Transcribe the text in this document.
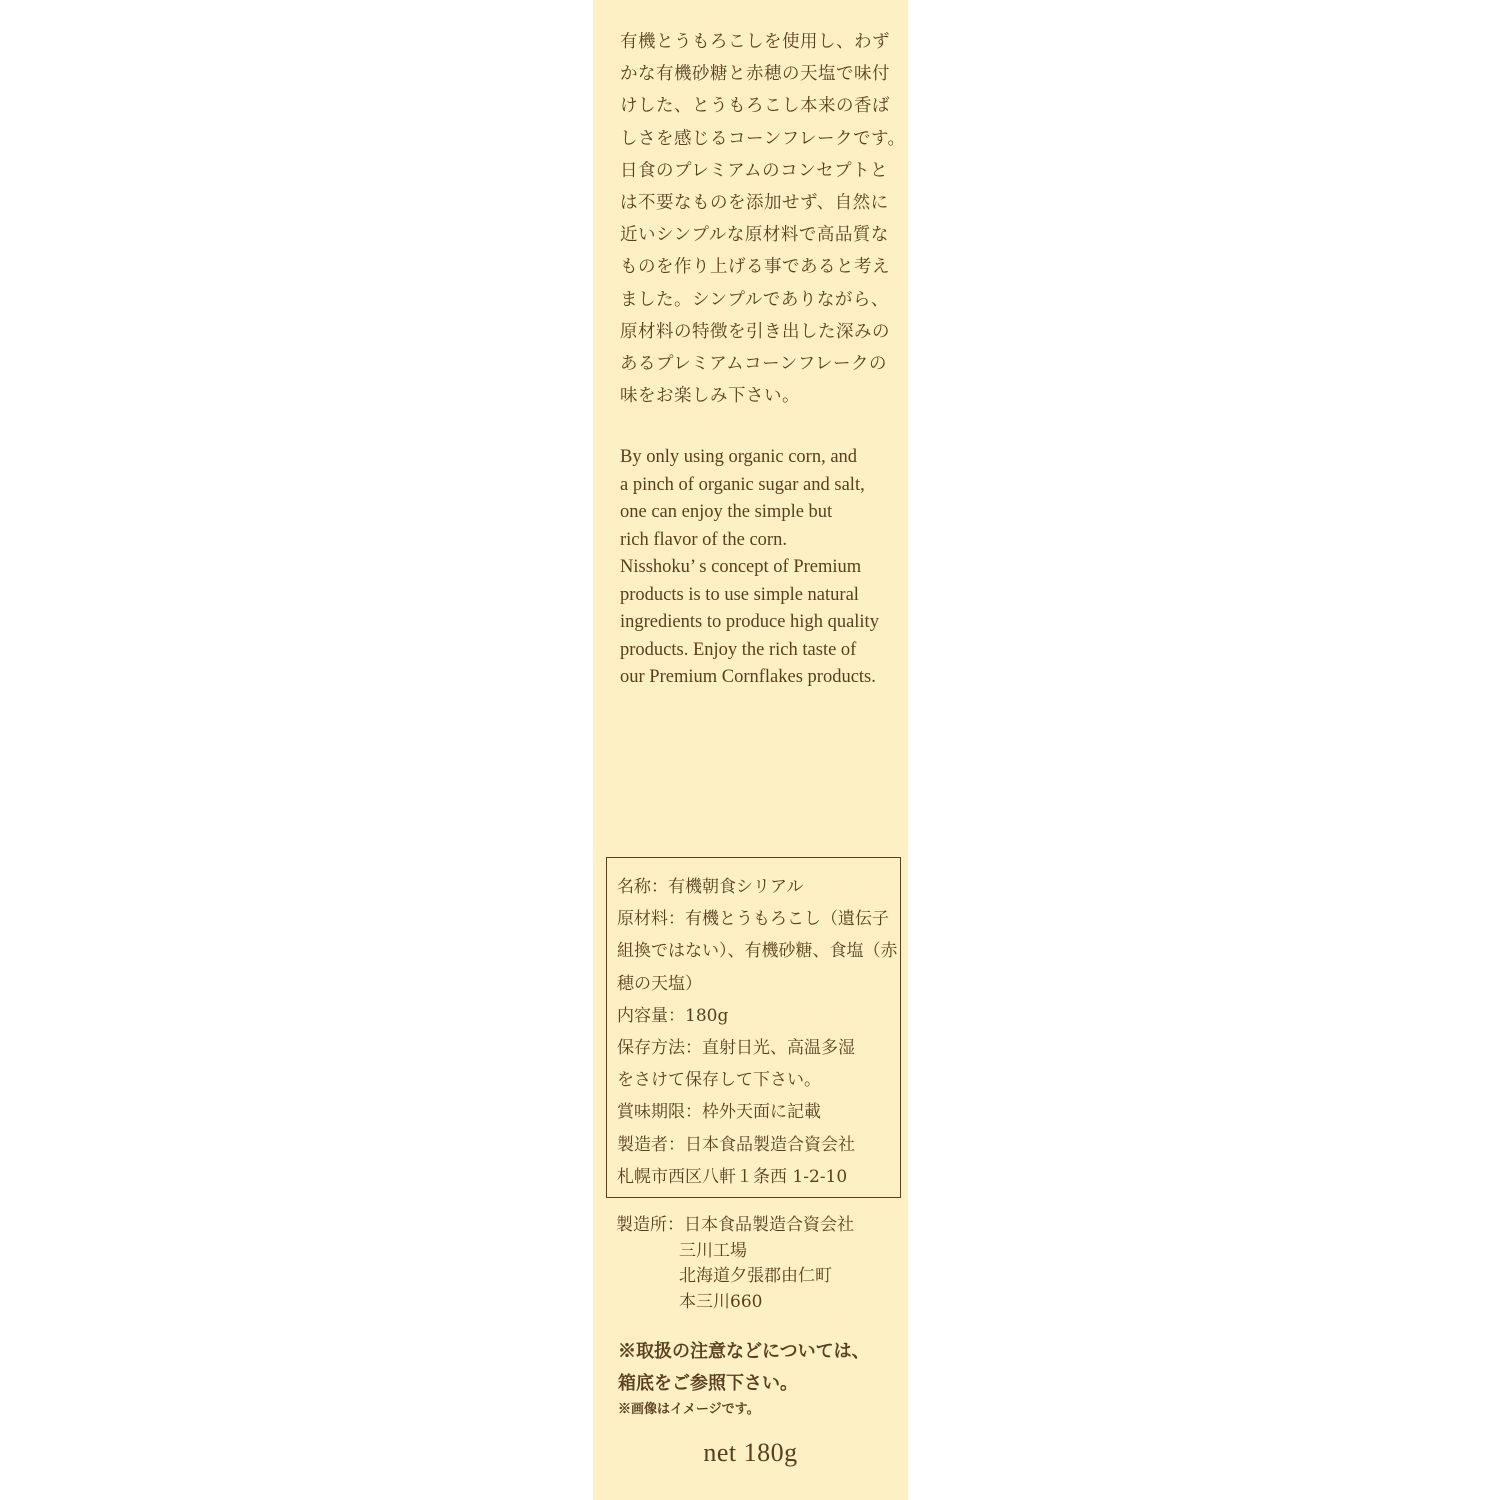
有機とうもろこしを使用し、わず
かな有機砂糖と赤穂の天塩で味付
けした、とうもろこし本来の香ば
しさを感じるコーンフレークです。
日食のプレミアムのコンセプトと
は不要なものを添加せず、自然に
近いシンプルな原材料で高品質な
ものを作り上げる事であると考え
ました。シンプルでありながら、
原材料の特徴を引き出した深みの
あるプレミアムコーンフレークの
味をお楽しみ下さい。

By only using organic corn, and
a pinch of organic sugar and salt,
one can enjoy the simple but
rich flavor of the corn.
Nisshoku’ s concept of Premium
products is to use simple natural
ingredients to produce high quality
products. Enjoy the rich taste of
our Premium Cornflakes products.

名称：有機朝食シリアル
原材料：有機とうもろこし（遺伝子
組換ではない）、有機砂糖、食塩（赤
穂の天塩）
内容量：180g
保存方法：直射日光、高温多湿
をさけて保存して下さい。
賞味期限：枠外天面に記載
製造者：日本食品製造合資会社
札幌市西区八軒１条西 1-2-10
製造所：日本食品製造合資会社
三川工場
北海道夕張郡由仁町
本三川660
※取扱の注意などについては、
箱底をご参照下さい。
※画像はイメージです。
net 180g
